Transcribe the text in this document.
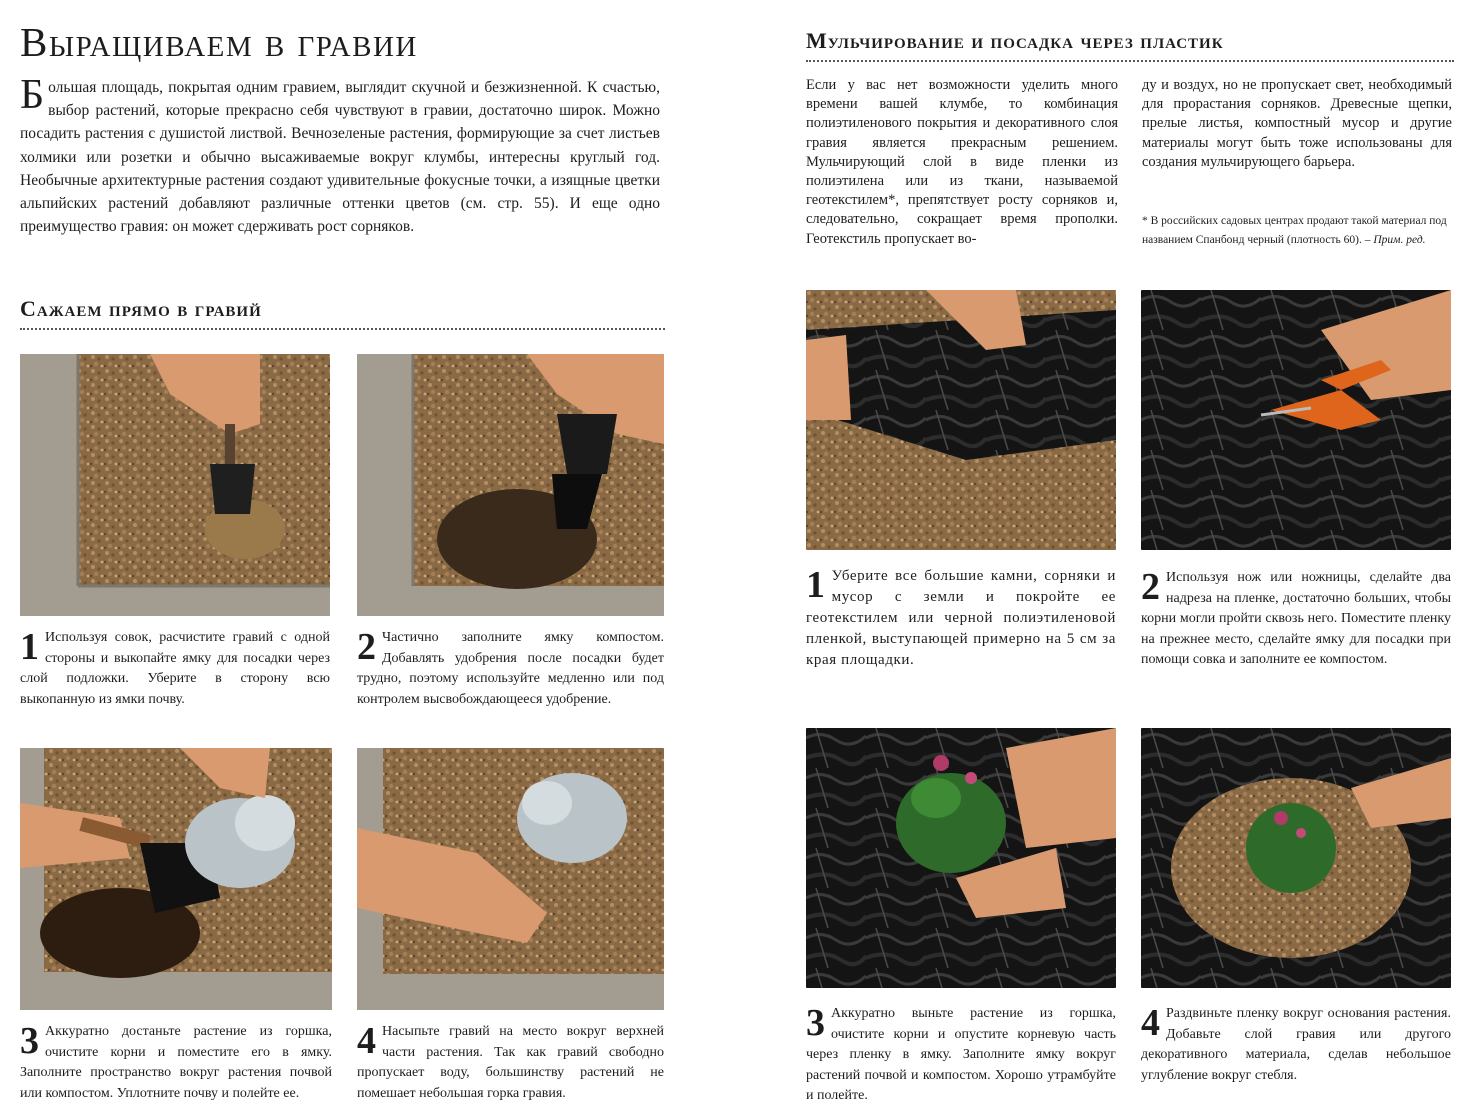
Выращиваем в гравии
Большая площадь, покрытая одним гравием, выглядит скучной и безжизненной. К счастью, выбор растений, которые прекрасно себя чувствуют в гравии, достаточно широк. Можно посадить растения с душистой листвой. Вечнозеленые растения, формирующие за счет листьев холмики или розетки и обычно высаживаемые вокруг клумбы, интересны круглый год. Необычные архитектурные растения создают удивительные фокусные точки, а изящные цветки альпийских растений добавляют различные оттенки цветов (см. стр. 55). И еще одно преимущество гравия: он может сдерживать рост сорняков.
Сажаем прямо в гравий
1 Используя совок, расчистите гравий с одной стороны и выкопайте ямку для посадки через слой подложки. Уберите в сторону всю выкопанную из ямки почву.
2 Частично заполните ямку компостом. Добавлять удобрения после посадки будет трудно, поэтому используйте медленно или под контролем высвобождающееся удобрение.
3 Аккуратно достаньте растение из горшка, очистите корни и поместите его в ямку. Заполните пространство вокруг растения почвой или компостом. Уплотните почву и полейте ее.
4 Насыпьте гравий на место вокруг верхней части растения. Так как гравий свободно пропускает воду, большинству растений не помешает небольшая горка гравия.
Мульчирование и посадка через пластик

Если у вас нет возможности уделить много времени вашей клумбе, то комбинация полиэтиленового покрытия и декоративного слоя гравия является прекрасным решением. Мульчирующий слой в виде пленки из полиэтилена или из ткани, называемой геотекстилем*, препятствует росту сорняков и, следовательно, сокращает время прополки. Геотекстиль пропускает во-

ду и воздух, но не пропускает свет, необходимый для прорастания сорняков. Древесные щепки, прелые листья, компостный мусор и другие материалы могут быть тоже использованы для создания мульчирующего барьера.

* В российских садовых центрах продают такой материал под названием Спанбонд черный (плотность 60). – Прим. ред.

1 Уберите все большие камни, сорняки и мусор с земли и покройте ее геотекстилем или черной полиэтиленовой пленкой, выступающей примерно на 5 см за края площадки.
2 Используя нож или ножницы, сделайте два надреза на пленке, достаточно больших, чтобы корни могли пройти сквозь него. Поместите пленку на прежнее место, сделайте ямку для посадки при помощи совка и заполните ее компостом.
3 Аккуратно выньте растение из горшка, очистите корни и опустите корневую часть через пленку в ямку. Заполните ямку вокруг растений почвой и компостом. Хорошо утрамбуйте и полейте.
4 Раздвиньте пленку вокруг основания растения. Добавьте слой гравия или другого декоративного материала, сделав небольшое углубление вокруг стебля.
